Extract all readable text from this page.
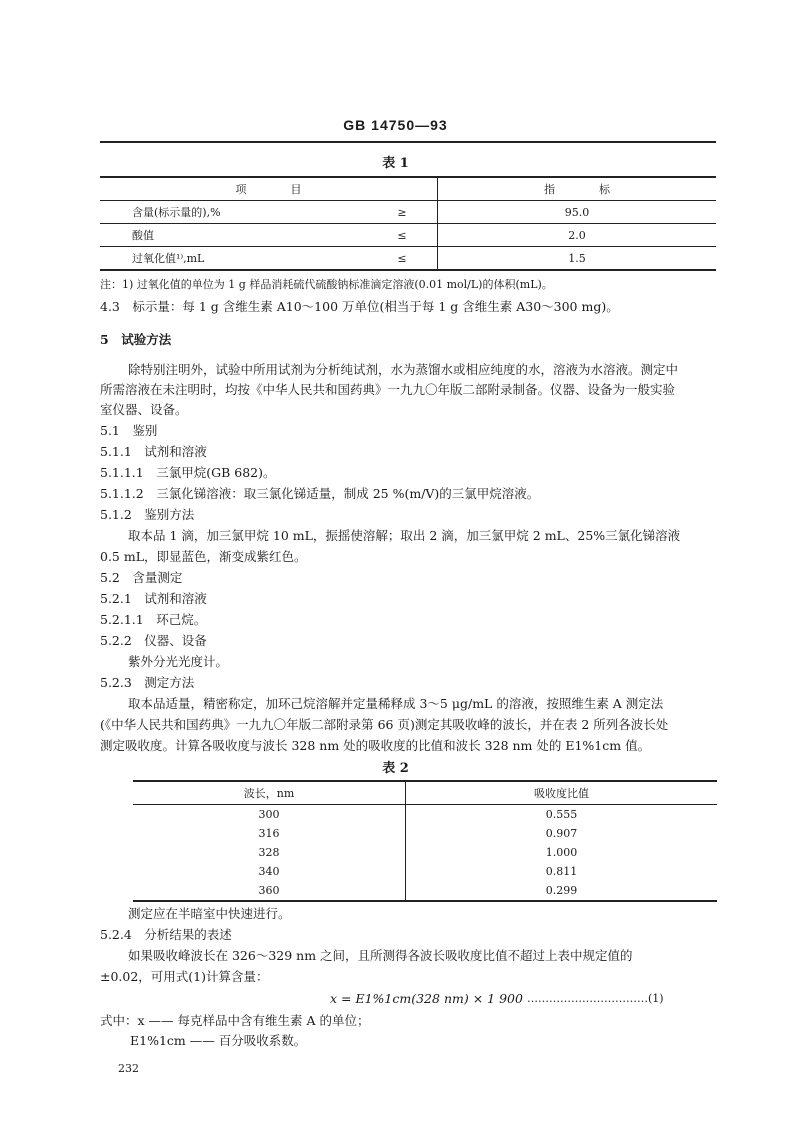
GB 14750—93
表 1
项　　　　目		指　　　　标
含量(标示量的),%	≥	95.0
酸值	≤	2.0
过氧化值¹⁾,mL	≤	1.5
注：1) 过氧化值的单位为 1 g 样品消耗硫代硫酸钠标准滴定溶液(0.01 mol/L)的体积(mL)。
4.3　标示量：每 1 g 含维生素 A10～100 万单位(相当于每 1 g 含维生素 A30～300 mg)。
5　试验方法
除特别注明外，试验中所用试剂为分析纯试剂，水为蒸馏水或相应纯度的水，溶液为水溶液。测定中
所需溶液在未注明时，均按《中华人民共和国药典》一九九〇年版二部附录制备。仪器、设备为一般实验
室仪器、设备。
5.1　鉴别
5.1.1　试剂和溶液
5.1.1.1　三氯甲烷(GB 682)。
5.1.1.2　三氯化锑溶液：取三氯化锑适量，制成 25 %(m/V)的三氯甲烷溶液。
5.1.2　鉴别方法
取本品 1 滴，加三氯甲烷 10 mL，振摇使溶解；取出 2 滴，加三氯甲烷 2 mL、25%三氯化锑溶液
0.5 mL，即显蓝色，渐变成紫红色。
5.2　含量测定
5.2.1　试剂和溶液
5.2.1.1　环己烷。
5.2.2　仪器、设备
紫外分光光度计。
5.2.3　测定方法
取本品适量，精密称定，加环己烷溶解并定量稀释成 3～5 μg/mL 的溶液，按照维生素 A 测定法
(《中华人民共和国药典》一九九〇年版二部附录第 66 页)测定其吸收峰的波长，并在表 2 所列各波长处
测定吸收度。计算各吸收度与波长 328 nm 处的吸收度的比值和波长 328 nm 处的 E1%1cm 值。
表 2
波长，nm	吸收度比值
300	0.555
316	0.907
328	1.000
340	0.811
360	0.299
测定应在半暗室中快速进行。
5.2.4　分析结果的表述
如果吸收峰波长在 326～329 nm 之间，且所测得各波长吸收度比值不超过上表中规定值的
±0.02，可用式(1)计算含量：
x = E1%1cm(328 nm) × 1 900 ……………………………(1)
式中：x —— 每克样品中含有维生素 A 的单位；
E1%1cm —— 百分吸收系数。
232
